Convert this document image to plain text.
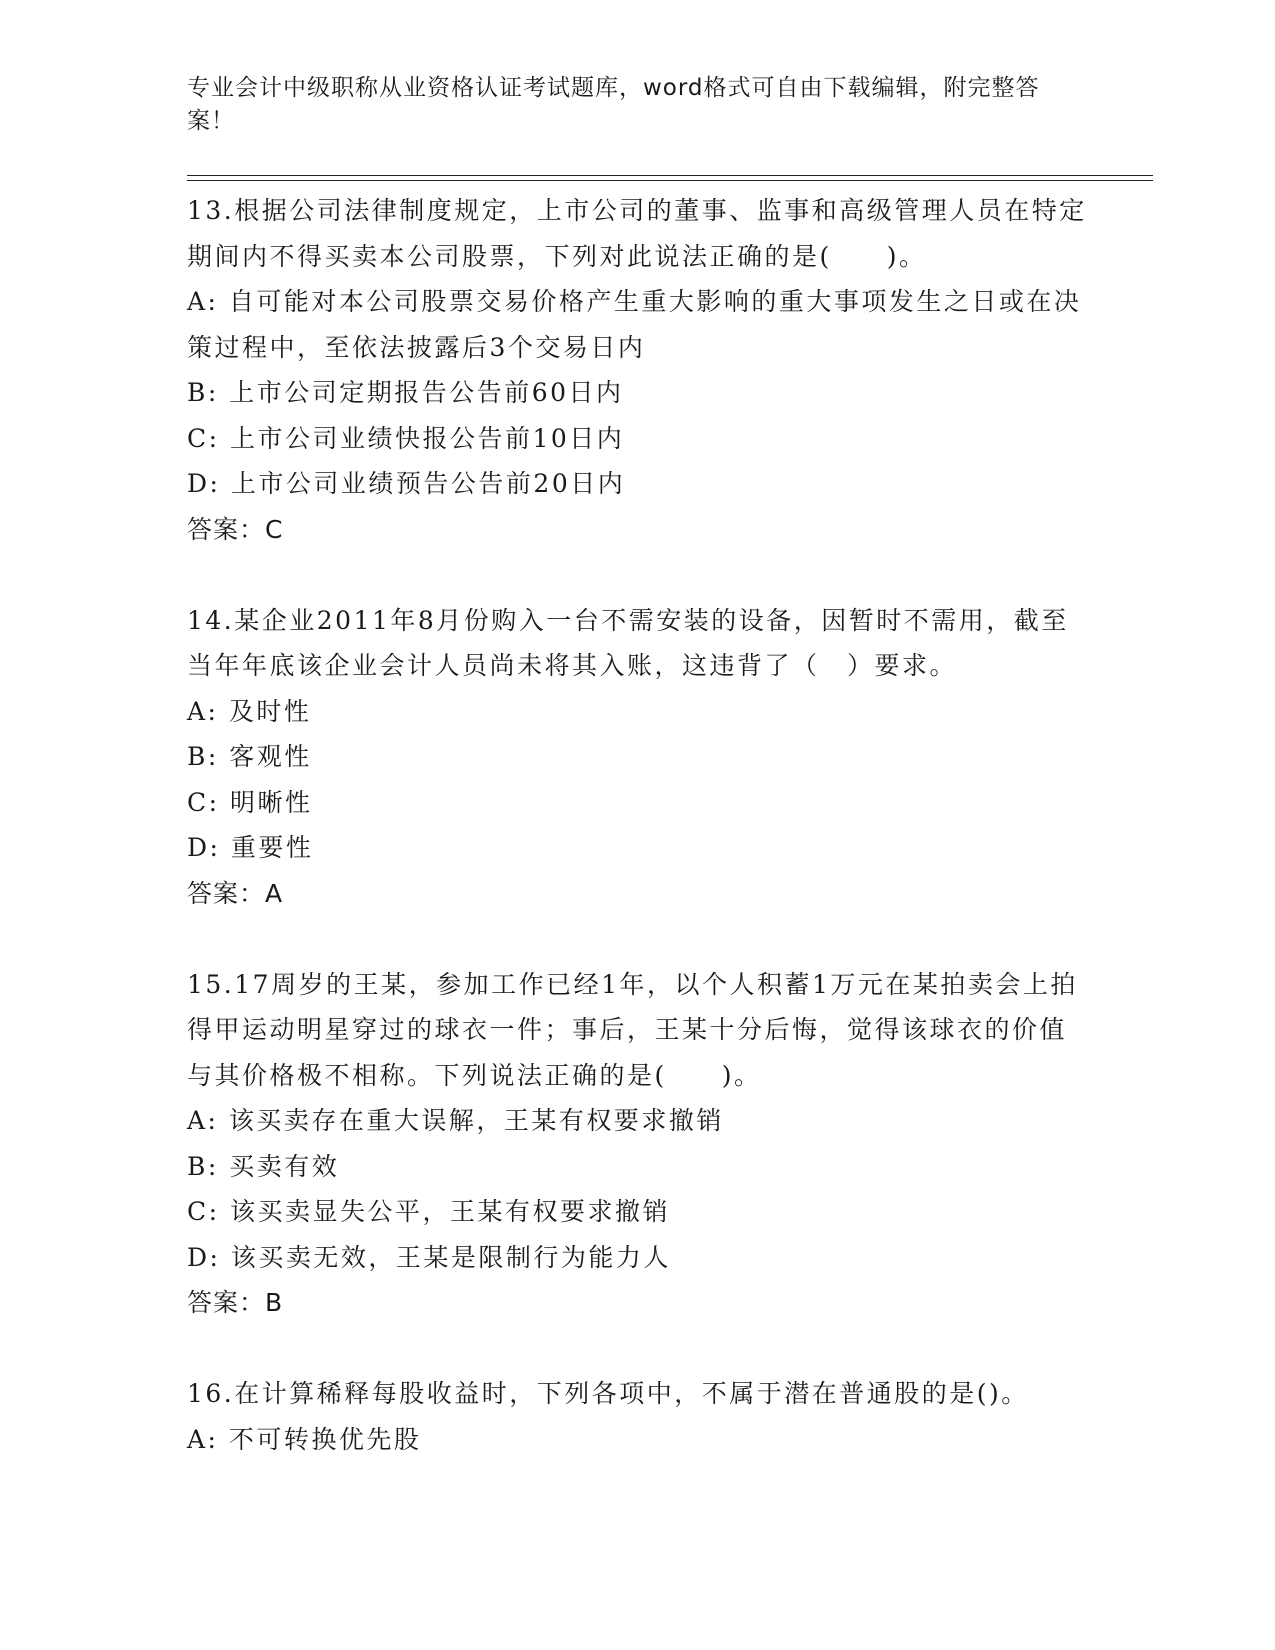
专业会计中级职称从业资格认证考试题库，word格式可自由下载编辑，附完整答案！
13.根据公司法律制度规定，上市公司的董事、监事和高级管理人员在特定期间内不得买卖本公司股票，下列对此说法正确的是(　　)。
A: 自可能对本公司股票交易价格产生重大影响的重大事项发生之日或在决策过程中，至依法披露后3个交易日内
B: 上市公司定期报告公告前60日内
C: 上市公司业绩快报公告前10日内
D: 上市公司业绩预告公告前20日内
答案：C
14.某企业2011年8月份购入一台不需安装的设备，因暂时不需用，截至当年年底该企业会计人员尚未将其入账，这违背了（　）要求。
A: 及时性
B: 客观性
C: 明晰性
D: 重要性
答案：A
15.17周岁的王某，参加工作已经1年，以个人积蓄1万元在某拍卖会上拍得甲运动明星穿过的球衣一件；事后，王某十分后悔，觉得该球衣的价值与其价格极不相称。下列说法正确的是(　　)。
A: 该买卖存在重大误解，王某有权要求撤销
B: 买卖有效
C: 该买卖显失公平，王某有权要求撤销
D: 该买卖无效，王某是限制行为能力人
答案：B
16.在计算稀释每股收益时，下列各项中，不属于潜在普通股的是()。
A: 不可转换优先股
